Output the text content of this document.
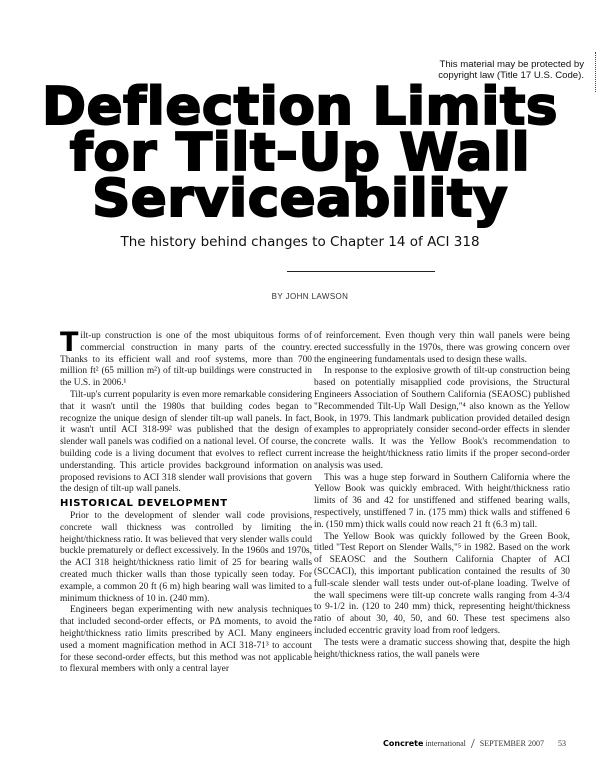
This material may be protected by
copyright law (Title 17 U.S. Code).
Deflection Limits
for Tilt-Up Wall
Serviceability
The history behind changes to Chapter 14 of ACI 318
BY JOHN LAWSON

Tilt-up construction is one of the most ubiquitous forms of commercial construction in many parts of the country. Thanks to its efficient wall and roof systems, more than 700 million ft² (65 million m²) of tilt-up buildings were constructed in the U.S. in 2006.¹

Tilt-up's current popularity is even more remarkable considering that it wasn't until the 1980s that building codes began to recognize the unique design of slender tilt-up wall panels. In fact, it wasn't until ACI 318-99² was published that the design of slender wall panels was codified on a national level. Of course, the building code is a living document that evolves to reflect current understanding. This article provides background information on proposed revisions to ACI 318 slender wall provisions that govern the design of tilt-up wall panels.

HISTORICAL DEVELOPMENT

Prior to the development of slender wall code provisions, concrete wall thickness was controlled by limiting the height/thickness ratio. It was believed that very slender walls could buckle prematurely or deflect excessively. In the 1960s and 1970s, the ACI 318 height/thickness ratio limit of 25 for bearing walls created much thicker walls than those typically seen today. For example, a common 20 ft (6 m) high bearing wall was limited to a minimum thickness of 10 in. (240 mm).

Engineers began experimenting with new analysis techniques that included second-order effects, or PΔ moments, to avoid the height/thickness ratio limits prescribed by ACI. Many engineers used a moment magnification method in ACI 318-71³ to account for these second-order effects, but this method was not applicable to flexural members with only a central layer

of reinforcement. Even though very thin wall panels were being erected successfully in the 1970s, there was growing concern over the engineering fundamentals used to design these walls.

In response to the explosive growth of tilt-up construction being based on potentially misapplied code provisions, the Structural Engineers Association of Southern California (SEAOSC) published "Recommended Tilt-Up Wall Design,"⁴ also known as the Yellow Book, in 1979. This landmark publication provided detailed design examples to appropriately consider second-order effects in slender concrete walls. It was the Yellow Book's recommendation to increase the height/thickness ratio limits if the proper second-order analysis was used.

This was a huge step forward in Southern California where the Yellow Book was quickly embraced. With height/thickness ratio limits of 36 and 42 for unstiffened and stiffened bearing walls, respectively, unstiffened 7 in. (175 mm) thick walls and stiffened 6 in. (150 mm) thick walls could now reach 21 ft (6.3 m) tall.

The Yellow Book was quickly followed by the Green Book, titled "Test Report on Slender Walls,"⁵ in 1982. Based on the work of SEAOSC and the Southern California Chapter of ACI (SCCACI), this important publication contained the results of 30 full-scale slender wall tests under out-of-plane loading. Twelve of the wall specimens were tilt-up concrete walls ranging from 4-3/4 to 9-1/2 in. (120 to 240 mm) thick, representing height/thickness ratio of about 30, 40, 50, and 60. These test specimens also included eccentric gravity load from roof ledgers.

The tests were a dramatic success showing that, despite the high height/thickness ratios, the wall panels were

Concrete international / SEPTEMBER 2007 53
